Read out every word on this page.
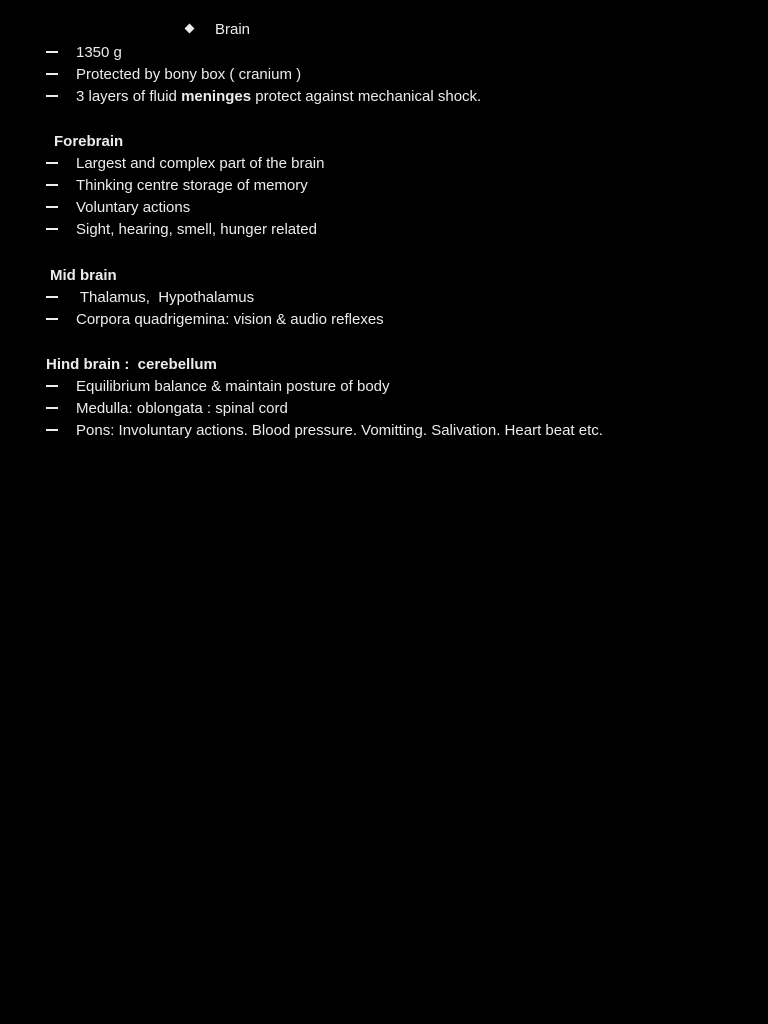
Brain
1350 g
Protected by bony box ( cranium )
3 layers of fluid meninges protect against mechanical shock.
Forebrain
Largest and complex part of the brain
Thinking centre storage of memory
Voluntary actions
Sight, hearing, smell, hunger related
Mid brain
Thalamus,  Hypothalamus
Corpora quadrigemina: vision & audio reflexes
Hind brain :  cerebellum
Equilibrium balance & maintain posture of body
Medulla: oblongata : spinal cord
Pons: Involuntary actions. Blood pressure. Vomitting. Salivation. Heart beat etc.
